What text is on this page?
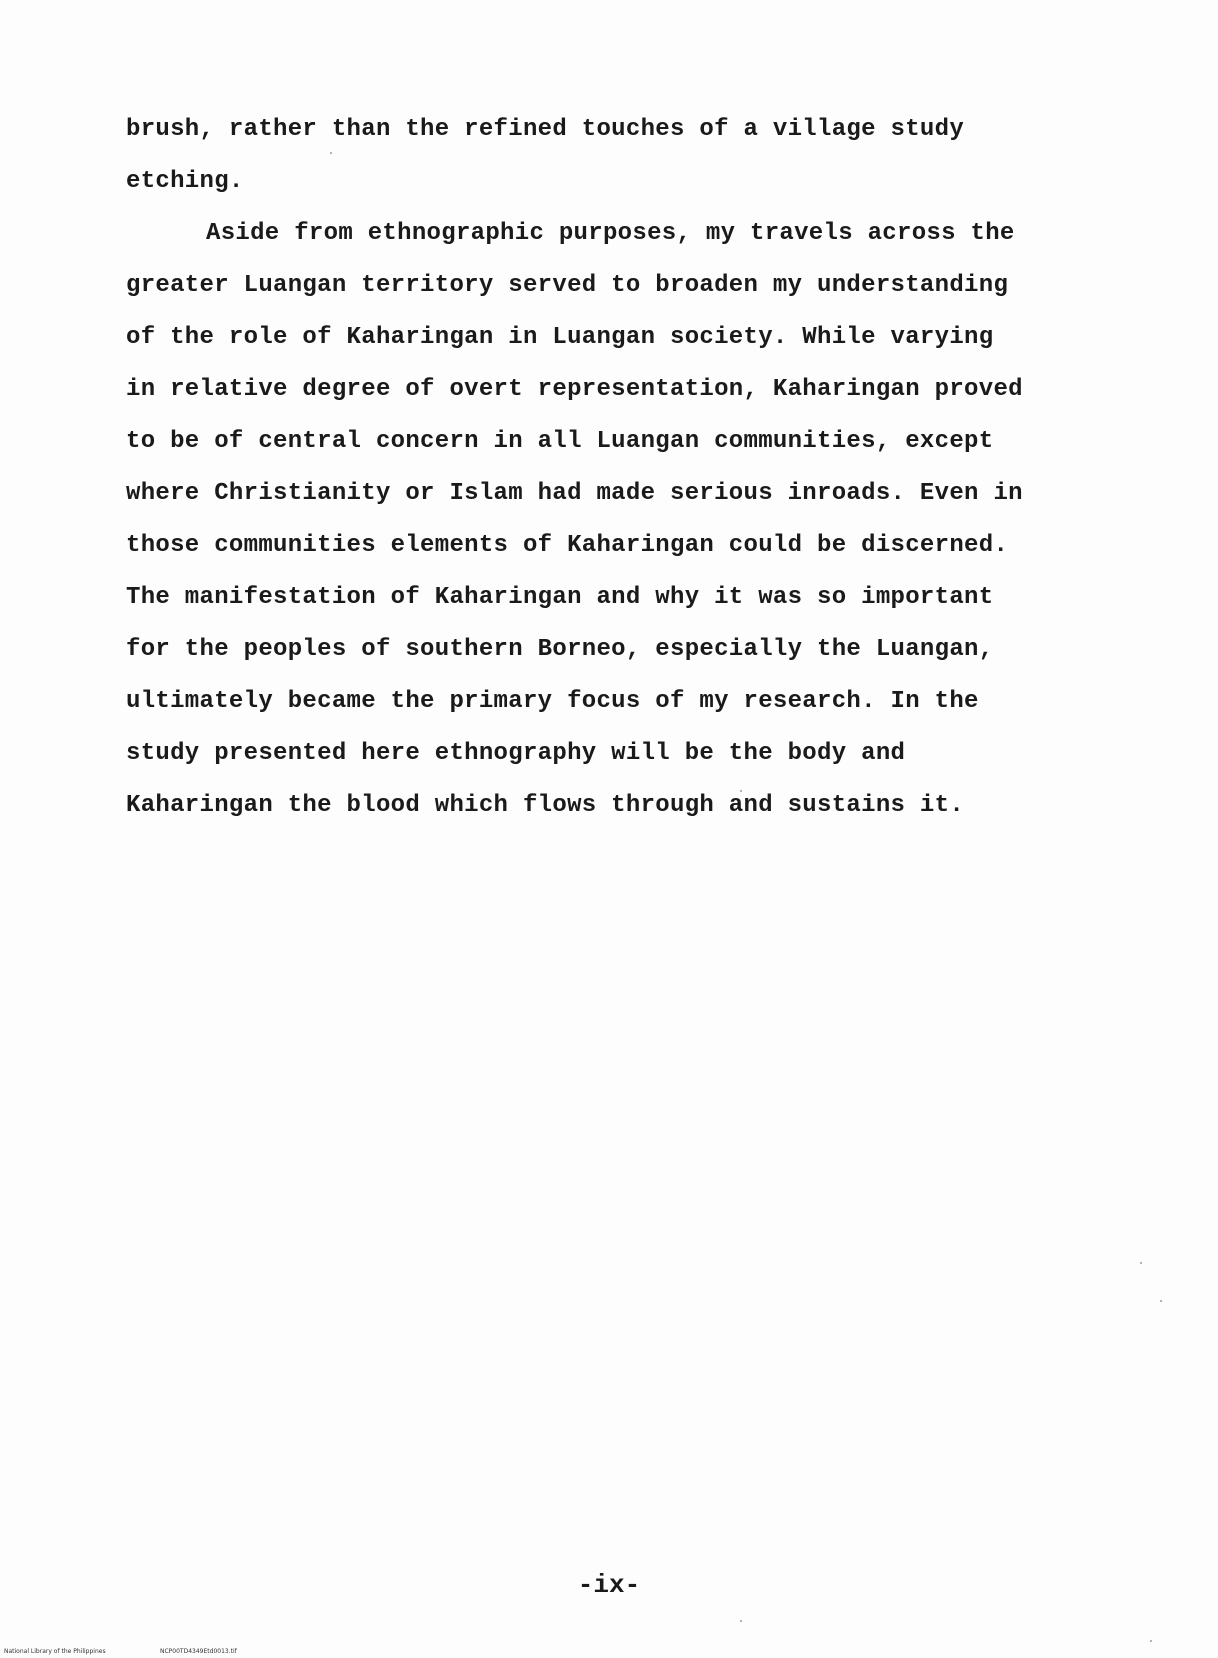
brush, rather than the refined touches of a village study
etching.
Aside from ethnographic purposes, my travels across the
greater Luangan territory served to broaden my understanding
of the role of Kaharingan in Luangan society. While varying
in relative degree of overt representation, Kaharingan proved
to be of central concern in all Luangan communities, except
where Christianity or Islam had made serious inroads. Even in
those communities elements of Kaharingan could be discerned.
The manifestation of Kaharingan and why it was so important
for the peoples of southern Borneo, especially the Luangan,
ultimately became the primary focus of my research. In the
study presented here ethnography will be the body and
Kaharingan the blood which flows through and sustains it.
-ix-
National Library of the Philippines	NCP00TD4349Etd0013.tif
